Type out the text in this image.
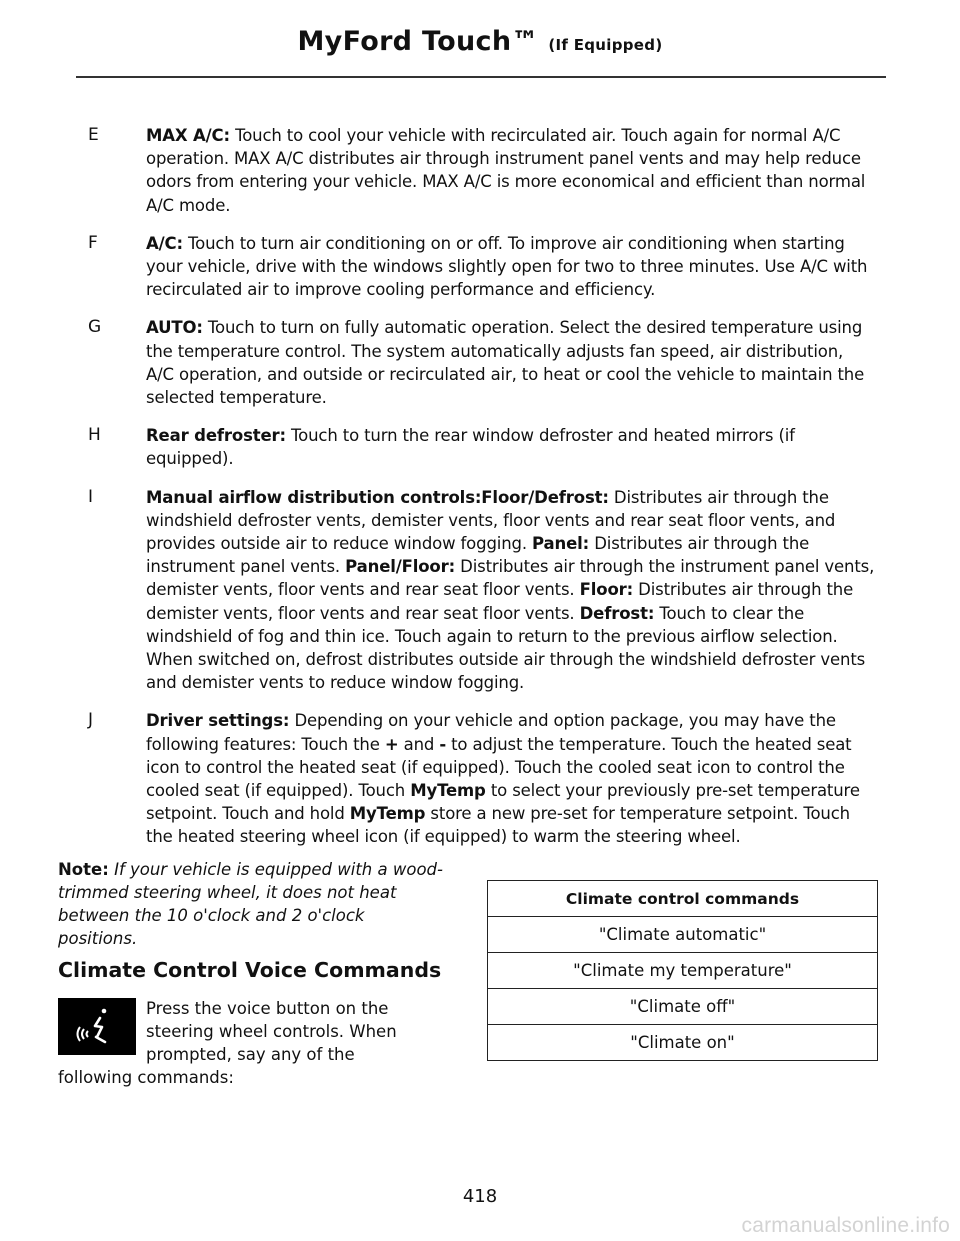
MyFord Touch™ (If Equipped)
E	MAX A/C: Touch to cool your vehicle with recirculated air. Touch again for normal A/C operation. MAX A/C distributes air through instrument panel vents and may help reduce odors from entering your vehicle. MAX A/C is more economical and efficient than normal A/C mode.
F	A/C: Touch to turn air conditioning on or off. To improve air conditioning when starting your vehicle, drive with the windows slightly open for two to three minutes. Use A/C with recirculated air to improve cooling performance and efficiency.
G	AUTO: Touch to turn on fully automatic operation. Select the desired temperature using the temperature control. The system automatically adjusts fan speed, air distribution, A/C operation, and outside or recirculated air, to heat or cool the vehicle to maintain the selected temperature.
H	Rear defroster: Touch to turn the rear window defroster and heated mirrors (if equipped).
I	Manual airflow distribution controls:Floor/Defrost: Distributes air through the windshield defroster vents, demister vents, floor vents and rear seat floor vents, and provides outside air to reduce window fogging. Panel: Distributes air through the instrument panel vents. Panel/Floor: Distributes air through the instrument panel vents, demister vents, floor vents and rear seat floor vents. Floor: Distributes air through the demister vents, floor vents and rear seat floor vents. Defrost: Touch to clear the windshield of fog and thin ice. Touch again to return to the previous airflow selection. When switched on, defrost distributes outside air through the windshield defroster vents and demister vents to reduce window fogging.
J	Driver settings: Depending on your vehicle and option package, you may have the following features: Touch the + and - to adjust the temperature. Touch the heated seat icon to control the heated seat (if equipped). Touch the cooled seat icon to control the cooled seat (if equipped). Touch MyTemp to select your previously pre-set temperature setpoint. Touch and hold MyTemp store a new pre-set for temperature setpoint. Touch the heated steering wheel icon (if equipped) to warm the steering wheel.
Note: If your vehicle is equipped with a wood-trimmed steering wheel, it does not heat between the 10 o'clock and 2 o'clock positions.
Climate Control Voice Commands
Press the voice button on the
steering wheel controls. When
prompted, say any of the
following commands:
Climate control commands
"Climate automatic"
"Climate my temperature"
"Climate off"
"Climate on"
418
carmanualsonline.info
